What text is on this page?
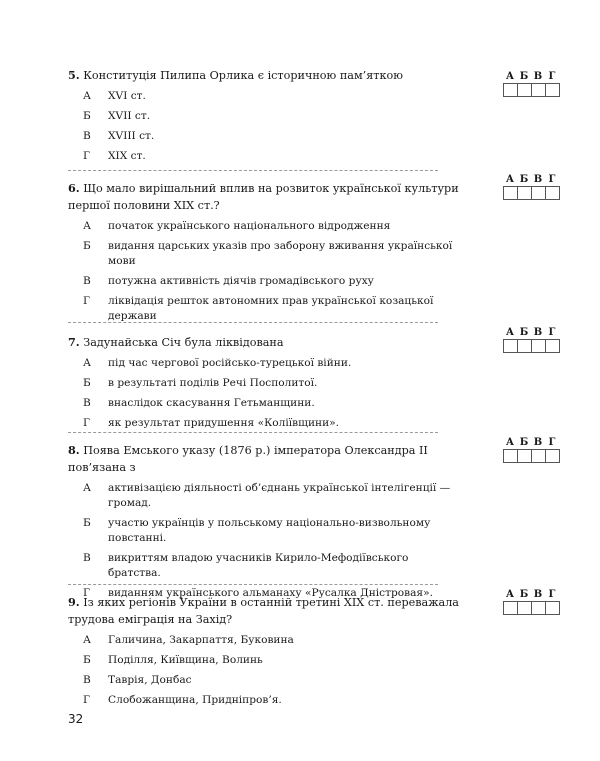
5. Конституція Пилипа Орлика є історичною пам’яткою

А	XVI ст.
Б	XVII ст.
В	XVIII ст.
Г	XIX ст.
А Б В Г

6. Що мало вирішальний вплив на розвиток української культури першої половини XIX ст.?

А	початок українського національного відродження
Б	видання царських указів про заборону вживання української мови
В	потужна активність діячів громадівського руху
Г	ліквідація решток автономних прав української козацької держави
А Б В Г

7. Задунайська Січ була ліквідована

А	під час чергової російсько-турецької війни.
Б	в результаті поділів Речі Посполитої.
В	внаслідок скасування Гетьманщини.
Г	як результат придушення «Коліївщини».
А Б В Г

8. Поява Емського указу (1876 р.) імператора Олександра II пов’язана з

А	активізацією діяльності об’єднань української інтелігенції — громад.
Б	участю українців у польському національно-визвольному повстанні.
В	викриттям владою учасників Кирило-Мефодіївського братства.
Г	виданням українського альманаху «Русалка Дністровая».
А Б В Г

9. Із яких регіонів України в останній третині XIX ст. переважала трудова еміграція на Захід?

А	Галичина, Закарпаття, Буковина
Б	Поділля, Київщина, Волинь
В	Таврія, Донбас
Г	Слобожанщина, Придніпров’я.
А Б В Г
32
